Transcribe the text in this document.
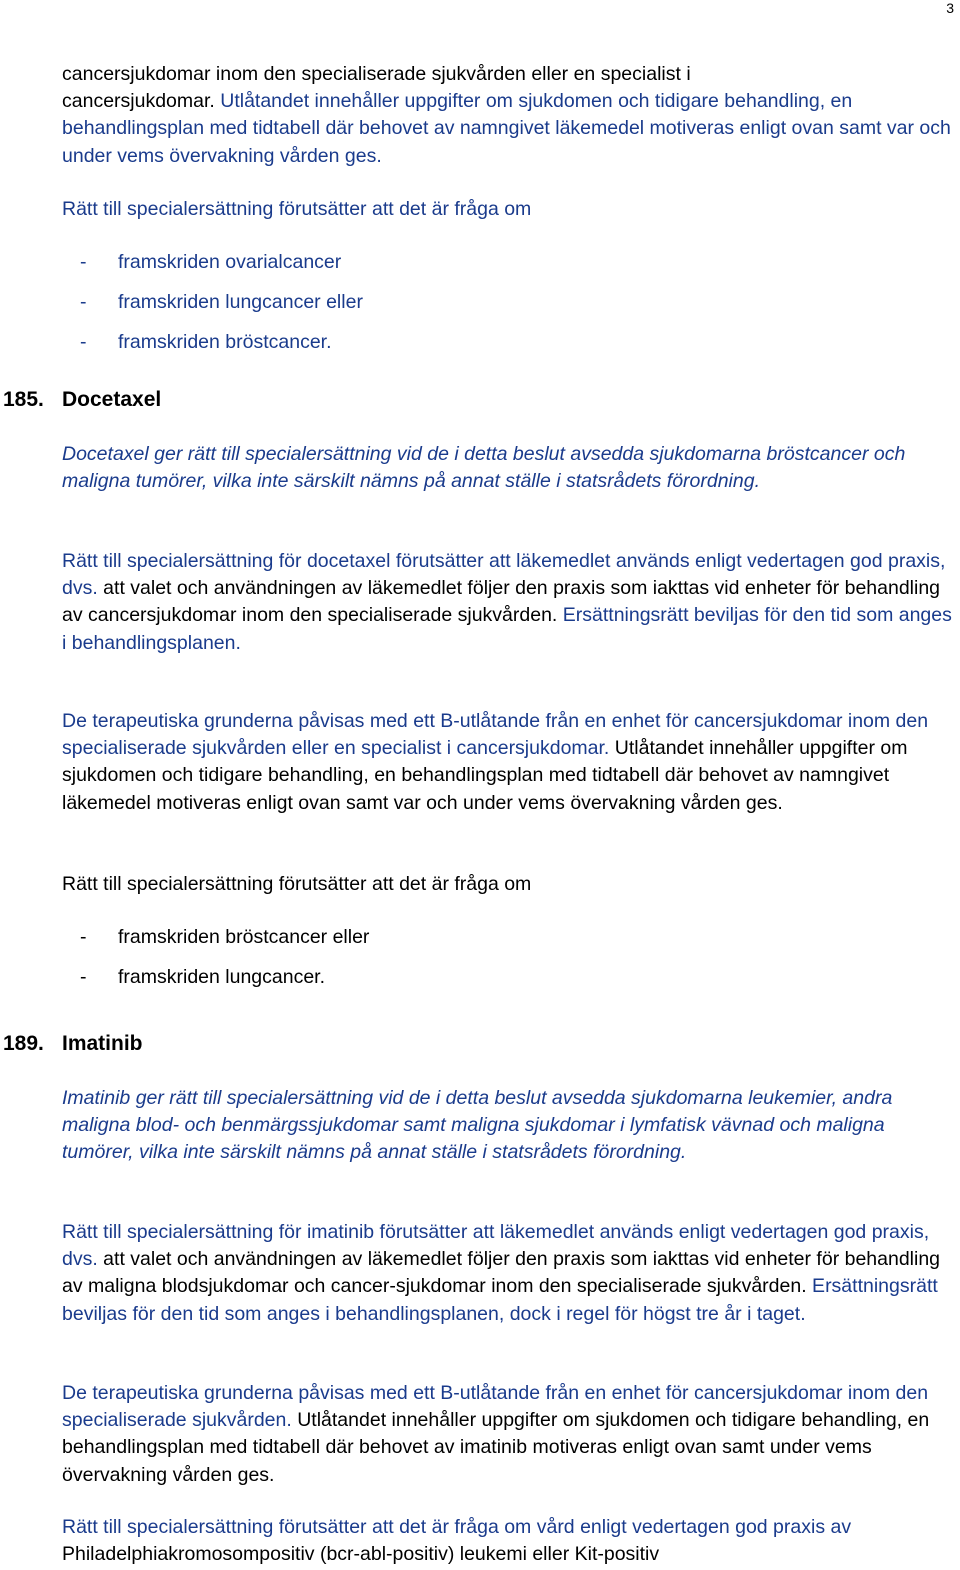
3

cancersjukdomar inom den specialiserade sjukvården eller en specialist i
cancersjukdomar. Utlåtandet innehåller uppgifter om sjukdomen och tidigare behandling, en behandlingsplan med tidtabell där behovet av namngivet läkemedel motiveras enligt ovan samt var och under vems övervakning vården ges.

Rätt till specialersättning förutsätter att det är fråga om
- framskriden ovarialcancer
- framskriden lungcancer eller
- framskriden bröstcancer.
185. Docetaxel
Docetaxel ger rätt till specialersättning vid de i detta beslut avsedda sjukdomarna bröstcancer och maligna tumörer, vilka inte särskilt nämns på annat ställe i statsrådets förordning.

Rätt till specialersättning för docetaxel förutsätter att läkemedlet används enligt vedertagen god praxis, dvs. att valet och användningen av läkemedlet följer den praxis som iakttas vid enheter för behandling av cancersjukdomar inom den specialiserade sjukvården. Ersättningsrätt beviljas för den tid som anges i behandlingsplanen.

De terapeutiska grunderna påvisas med ett B-utlåtande från en enhet för cancersjukdomar inom den specialiserade sjukvården eller en specialist i cancersjukdomar. Utlåtandet innehåller uppgifter om sjukdomen och tidigare behandling, en behandlingsplan med tidtabell där behovet av namngivet läkemedel motiveras enligt ovan samt var och under vems övervakning vården ges.

Rätt till specialersättning förutsätter att det är fråga om
- framskriden bröstcancer eller
- framskriden lungcancer.
189. Imatinib
Imatinib ger rätt till specialersättning vid de i detta beslut avsedda sjukdomarna leukemier, andra maligna blod- och benmärgssjukdomar samt maligna sjukdomar i lymfatisk vävnad och maligna tumörer, vilka inte särskilt nämns på annat ställe i statsrådets förordning.

Rätt till specialersättning för imatinib förutsätter att läkemedlet används enligt vedertagen god praxis, dvs. att valet och användningen av läkemedlet följer den praxis som iakttas vid enheter för behandling av maligna blodsjukdomar och cancer-sjukdomar inom den specialiserade sjukvården. Ersättningsrätt beviljas för den tid som anges i behandlingsplanen, dock i regel för högst tre år i taget.

De terapeutiska grunderna påvisas med ett B-utlåtande från en enhet för cancersjukdomar inom den specialiserade sjukvården. Utlåtandet innehåller uppgifter om sjukdomen och tidigare behandling, en behandlingsplan med tidtabell där behovet av imatinib motiveras enligt ovan samt under vems övervakning vården ges.

Rätt till specialersättning förutsätter att det är fråga om vård enligt vedertagen god praxis av Philadelphiakromosompositiv (bcr-abl-positiv) leukemi eller Kit-positiv
